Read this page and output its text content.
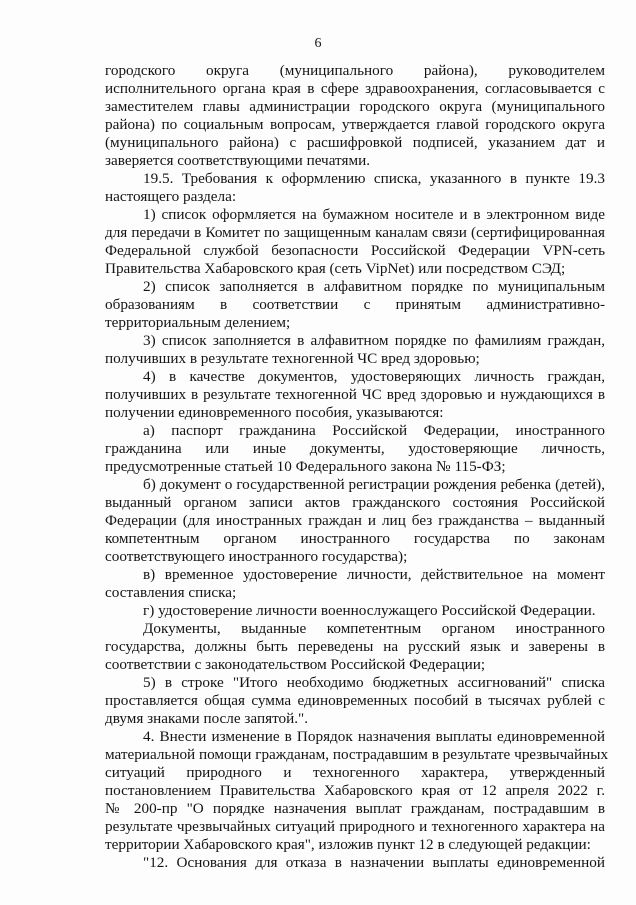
6
городского округа (муниципального района), руководителем
исполнительного органа края в сфере здравоохранения, согласовывается с
заместителем главы администрации городского округа (муниципального
района) по социальным вопросам, утверждается главой городского округа
(муниципального района) с расшифровкой подписей, указанием дат и
заверяется соответствующими печатями.
19.5. Требования к оформлению списка, указанного в пункте 19.3
настоящего раздела:
1) список оформляется на бумажном носителе и в электронном виде
для передачи в Комитет по защищенным каналам связи (сертифицированная
Федеральной службой безопасности Российской Федерации VPN-сеть
Правительства Хабаровского края (сеть VipNet) или посредством СЭД;
2) список заполняется в алфавитном порядке по муниципальным
образованиям в соответствии с принятым административно-
территориальным делением;
3) список заполняется в алфавитном порядке по фамилиям граждан,
получивших в результате техногенной ЧС вред здоровью;
4) в качестве документов, удостоверяющих личность граждан,
получивших в результате техногенной ЧС вред здоровью и нуждающихся в
получении единовременного пособия, указываются:
а) паспорт гражданина Российской Федерации, иностранного
гражданина или иные документы, удостоверяющие личность,
предусмотренные статьей 10 Федерального закона № 115-ФЗ;
б) документ о государственной регистрации рождения ребенка (детей),
выданный органом записи актов гражданского состояния Российской
Федерации (для иностранных граждан и лиц без гражданства – выданный
компетентным органом иностранного государства по законам
соответствующего иностранного государства);
в) временное удостоверение личности, действительное на момент
составления списка;
г) удостоверение личности военнослужащего Российской Федерации.
Документы, выданные компетентным органом иностранного
государства, должны быть переведены на русский язык и заверены в
соответствии с законодательством Российской Федерации;
5) в строке "Итого необходимо бюджетных ассигнований" списка
проставляется общая сумма единовременных пособий в тысячах рублей с
двумя знаками после запятой.".
4. Внести изменение в Порядок назначения выплаты единовременной
материальной помощи гражданам, пострадавшим в результате чрезвычайных
ситуаций природного и техногенного характера, утвержденный
постановлением Правительства Хабаровского края от 12 апреля 2022 г.
№ 200-пр "О порядке назначения выплат гражданам, пострадавшим в
результате чрезвычайных ситуаций природного и техногенного характера на
территории Хабаровского края", изложив пункт 12 в следующей редакции:
"12. Основания для отказа в назначении выплаты единовременной
